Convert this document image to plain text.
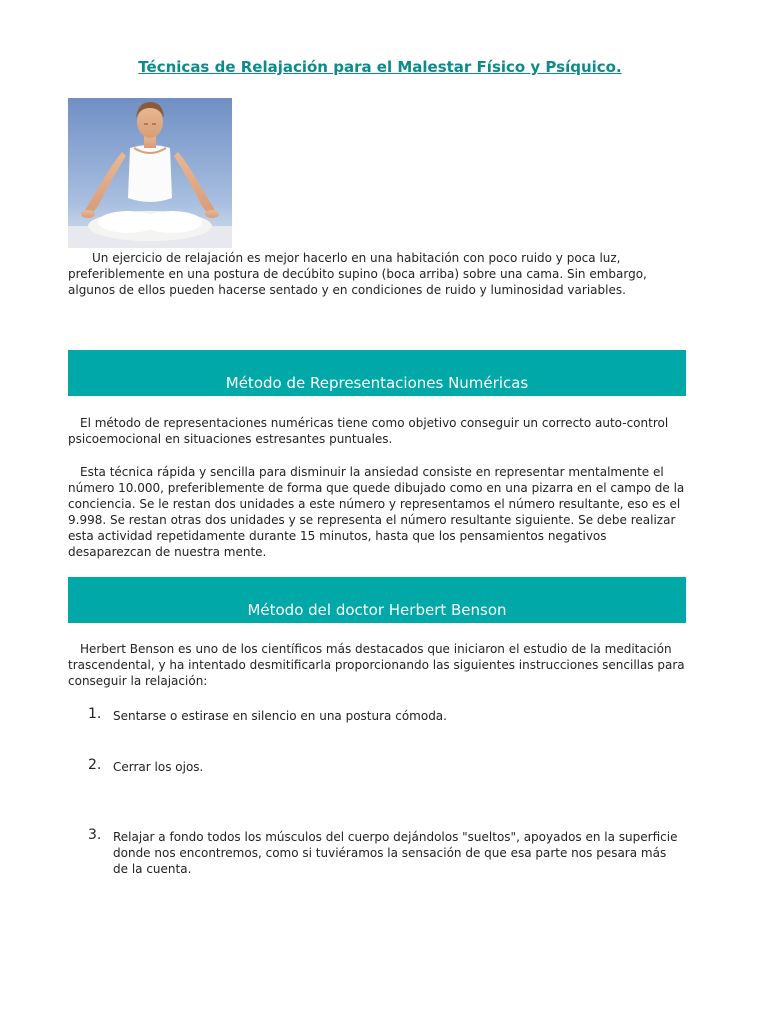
Técnicas de Relajación para el Malestar Físico y Psíquico.

Un ejercicio de relajación es mejor hacerlo en una habitación con poco ruido y poca luz, preferiblemente en una postura de decúbito supino (boca arriba) sobre una cama. Sin embargo, algunos de ellos pueden hacerse sentado y en condiciones de ruido y luminosidad variables.

Método de Representaciones Numéricas

El método de representaciones numéricas tiene como objetivo conseguir un correcto auto-control psicoemocional en situaciones estresantes puntuales.

Esta técnica rápida y sencilla para disminuir la ansiedad consiste en representar mentalmente el número 10.000, preferiblemente de forma que quede dibujado como en una pizarra en el campo de la conciencia. Se le restan dos unidades a este número y representamos el número resultante, eso es el 9.998. Se restan otras dos unidades y se representa el número resultante siguiente. Se debe realizar esta actividad repetidamente durante 15 minutos, hasta que los pensamientos negativos desaparezcan de nuestra mente.

Método del doctor Herbert Benson

Herbert Benson es uno de los científicos más destacados que iniciaron el estudio de la meditación trascendental, y ha intentado desmitificarla proporcionando las siguientes instrucciones sencillas para conseguir la relajación:

1. Sentarse o estirase en silencio en una postura cómoda.
2. Cerrar los ojos.
3. Relajar a fondo todos los músculos del cuerpo dejándolos "sueltos", apoyados en la superficie donde nos encontremos, como si tuviéramos la sensación de que esa parte nos pesara más de la cuenta.
